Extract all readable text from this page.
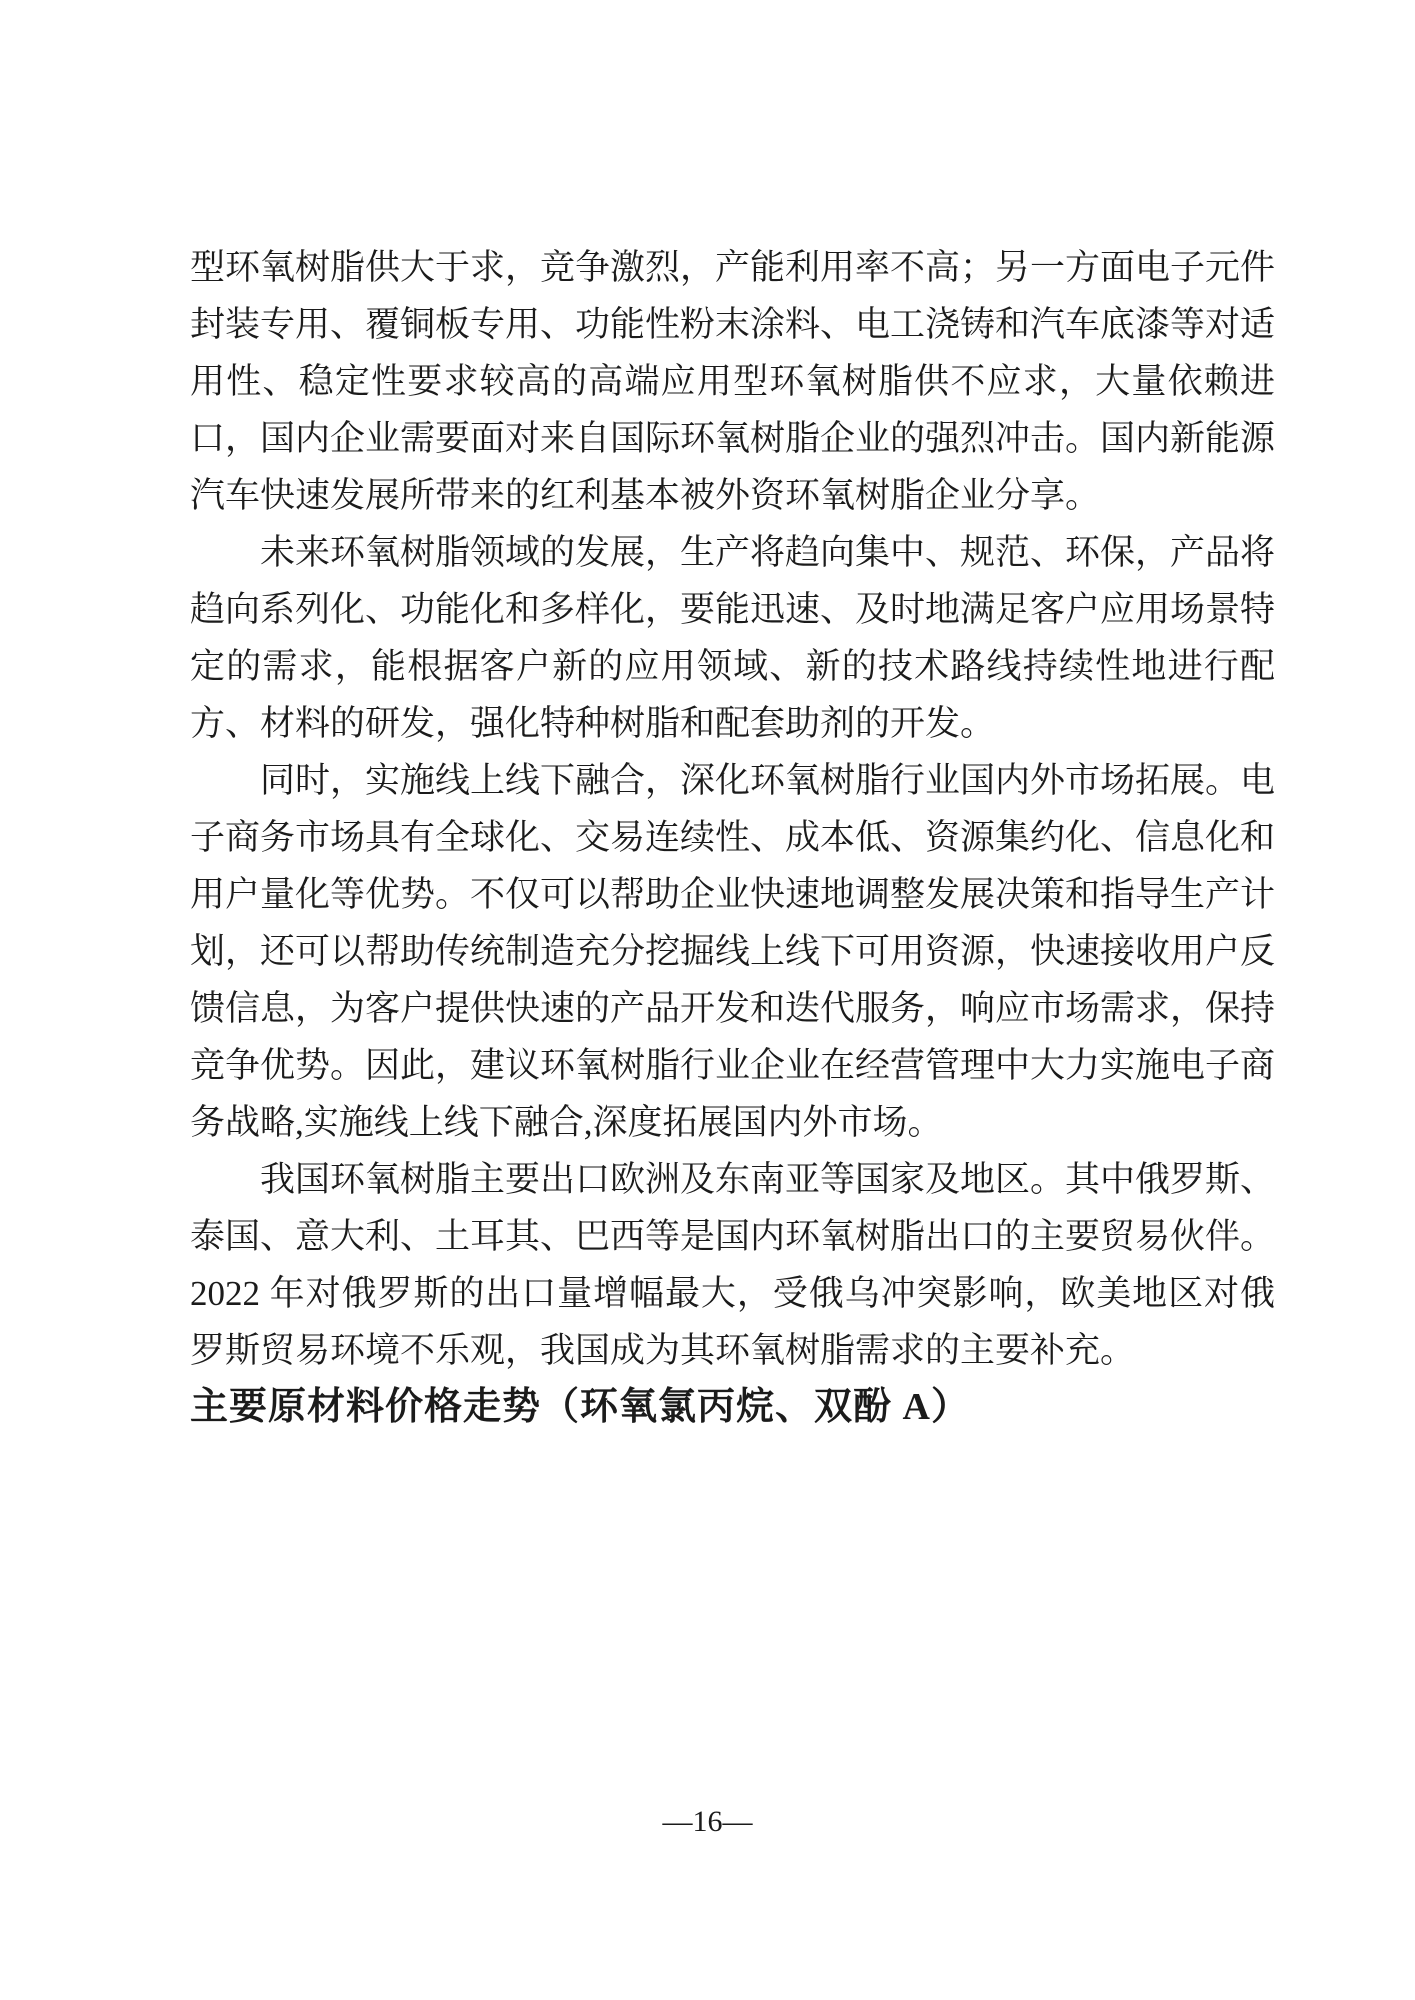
型环氧树脂供大于求，竞争激烈，产能利用率不高；另一方面电子元件封装专用、覆铜板专用、功能性粉末涂料、电工浇铸和汽车底漆等对适用性、稳定性要求较高的高端应用型环氧树脂供不应求，大量依赖进口，国内企业需要面对来自国际环氧树脂企业的强烈冲击。国内新能源汽车快速发展所带来的红利基本被外资环氧树脂企业分享。

未来环氧树脂领域的发展，生产将趋向集中、规范、环保，产品将趋向系列化、功能化和多样化，要能迅速、及时地满足客户应用场景特定的需求，能根据客户新的应用领域、新的技术路线持续性地进行配方、材料的研发，强化特种树脂和配套助剂的开发。

同时，实施线上线下融合，深化环氧树脂行业国内外市场拓展。电子商务市场具有全球化、交易连续性、成本低、资源集约化、信息化和用户量化等优势。不仅可以帮助企业快速地调整发展决策和指导生产计划，还可以帮助传统制造充分挖掘线上线下可用资源，快速接收用户反馈信息，为客户提供快速的产品开发和迭代服务，响应市场需求，保持竞争优势。因此，建议环氧树脂行业企业在经营管理中大力实施电子商务战略,实施线上线下融合,深度拓展国内外市场。

我国环氧树脂主要出口欧洲及东南亚等国家及地区。其中俄罗斯、泰国、意大利、土耳其、巴西等是国内环氧树脂出口的主要贸易伙伴。2022 年对俄罗斯的出口量增幅最大，受俄乌冲突影响，欧美地区对俄罗斯贸易环境不乐观，我国成为其环氧树脂需求的主要补充。

主要原材料价格走势（环氧氯丙烷、双酚 A）
—16—
